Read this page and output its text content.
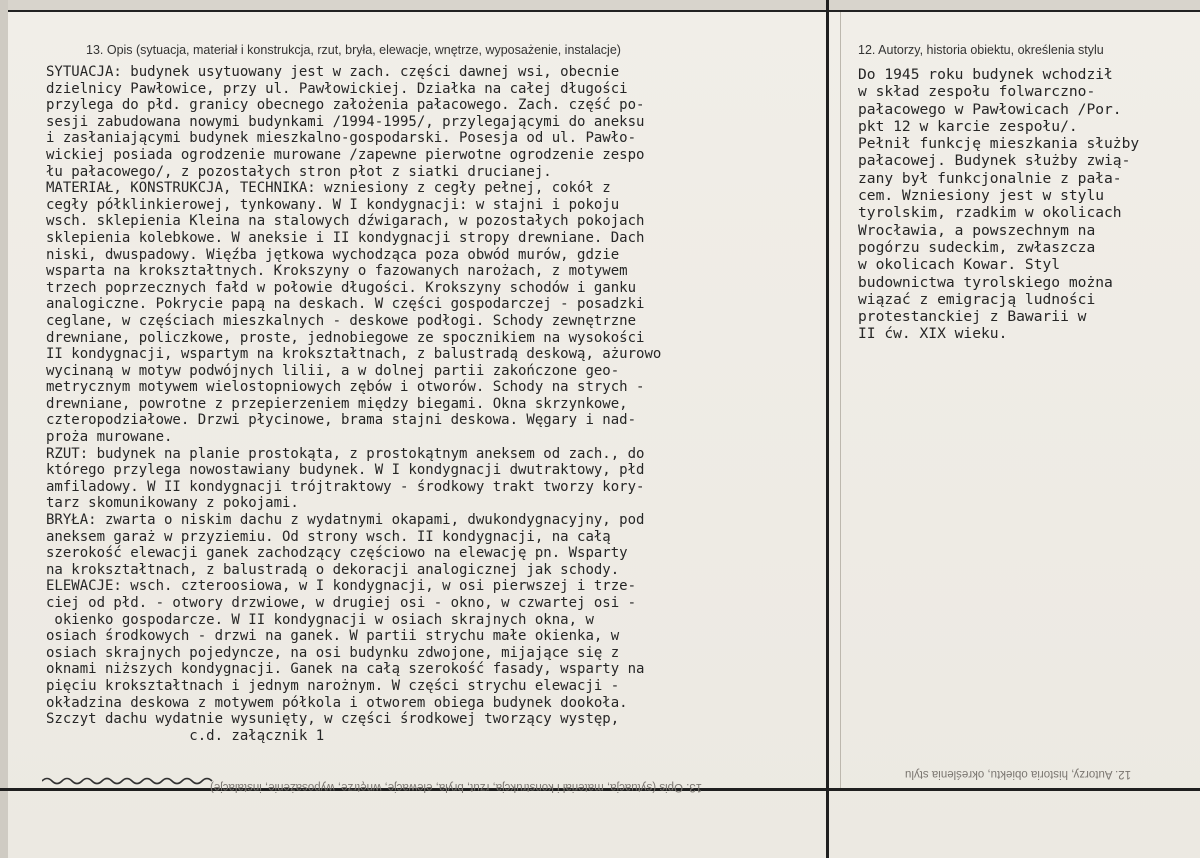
13. Opis (sytuacja, materiał i konstrukcja, rzut, bryła, elewacje, wnętrze, wyposażenie, instalacje)	12. Autorzy, historia obiektu, określenia stylu
SYTUACJA: budynek usytuowany jest w zach. części dawnej wsi, obecnie
dzielnicy Pawłowice, przy ul. Pawłowickiej. Działka na całej długości
przylega do płd. granicy obecnego założenia pałacowego. Zach. część po-
sesji zabudowana nowymi budynkami /1994-1995/, przylegającymi do aneksu
i zasłaniającymi budynek mieszkalno-gospodarski. Posesja od ul. Pawło-
wickiej posiada ogrodzenie murowane /zapewne pierwotne ogrodzenie zespo
łu pałacowego/, z pozostałych stron płot z siatki drucianej.
MATERIAŁ, KONSTRUKCJA, TECHNIKA: wzniesiony z cegły pełnej, cokół z
cegły półklinkierowej, tynkowany. W I kondygnacji: w stajni i pokoju
wsch. sklepienia Kleina na stalowych dźwigarach, w pozostałych pokojach
sklepienia kolebkowe. W aneksie i II kondygnacji stropy drewniane. Dach
niski, dwuspadowy. Więźba jętkowa wychodząca poza obwód murów, gdzie
wsparta na krokształtnych. Krokszyny o fazowanych narożach, z motywem
trzech poprzecznych fałd w połowie długości. Krokszyny schodów i ganku
analogiczne. Pokrycie papą na deskach. W części gospodarczej - posadzki
ceglane, w częściach mieszkalnych - deskowe podłogi. Schody zewnętrzne
drewniane, policzkowe, proste, jednobiegowe ze spocznikiem na wysokości
II kondygnacji, wspartym na krokształtnach, z balustradą deskową, ażurowo
wycinaną w motyw podwójnych lilii, a w dolnej partii zakończone geo-
metrycznym motywem wielostopniowych zębów i otworów. Schody na strych -
drewniane, powrotne z przepierzeniem między biegami. Okna skrzynkowe,
czteropodziałowe. Drzwi płycinowe, brama stajni deskowa. Węgary i nad-
proża murowane.
RZUT: budynek na planie prostokąta, z prostokątnym aneksem od zach., do
którego przylega nowostawiany budynek. W I kondygnacji dwutraktowy, płd
amfiladowy. W II kondygnacji trójtraktowy - środkowy trakt tworzy kory-
tarz skomunikowany z pokojami.
BRYŁA: zwarta o niskim dachu z wydatnymi okapami, dwukondygnacyjny, pod
aneksem garaż w przyziemiu. Od strony wsch. II kondygnacji, na całą
szerokość elewacji ganek zachodzący częściowo na elewację pn. Wsparty
na krokształtnach, z balustradą o dekoracji analogicznej jak schody.
ELEWACJE: wsch. czteroosiowa, w I kondygnacji, w osi pierwszej i trze-
ciej od płd. - otwory drzwiowe, w drugiej osi - okno, w czwartej osi -
okienko gospodarcze. W II kondygnacji w osiach skrajnych okna, w
osiach środkowych - drzwi na ganek. W partii strychu małe okienka, w
osiach skrajnych pojedyncze, na osi budynku zdwojone, mijające się z
oknami niższych kondygnacji. Ganek na całą szerokość fasady, wsparty na
pięciu krokształtnach i jednym narożnym. W części strychu elewacji -
okładzina deskowa z motywem półkola i otworem obiega budynek dookoła.
Szczyt dachu wydatnie wysunięty, w części środkowej tworzący występ,
c.d. załącznik 1
Do 1945 roku budynek wchodził
w skład zespołu folwarczno-
pałacowego w Pawłowicach /Por.
pkt 12 w karcie zespołu/.
Pełnił funkcję mieszkania służby
pałacowej. Budynek służby zwią-
zany był funkcjonalnie z pała-
cem. Wzniesiony jest w stylu
tyrolskim, rzadkim w okolicach
Wrocławia, a powszechnym na
pogórzu sudeckim, zwłaszcza
w okolicach Kowar. Styl
budownictwa tyrolskiego można
wiązać z emigracją ludności
protestanckiej z Bawarii w
II ćw. XIX wieku.
13. Opis (sytuacja, materiał i konstrukcja, rzut, bryła, elewacje, wnętrze, wyposażenie, instalacje)
12. Autorzy, historia obiektu, określenia stylu
